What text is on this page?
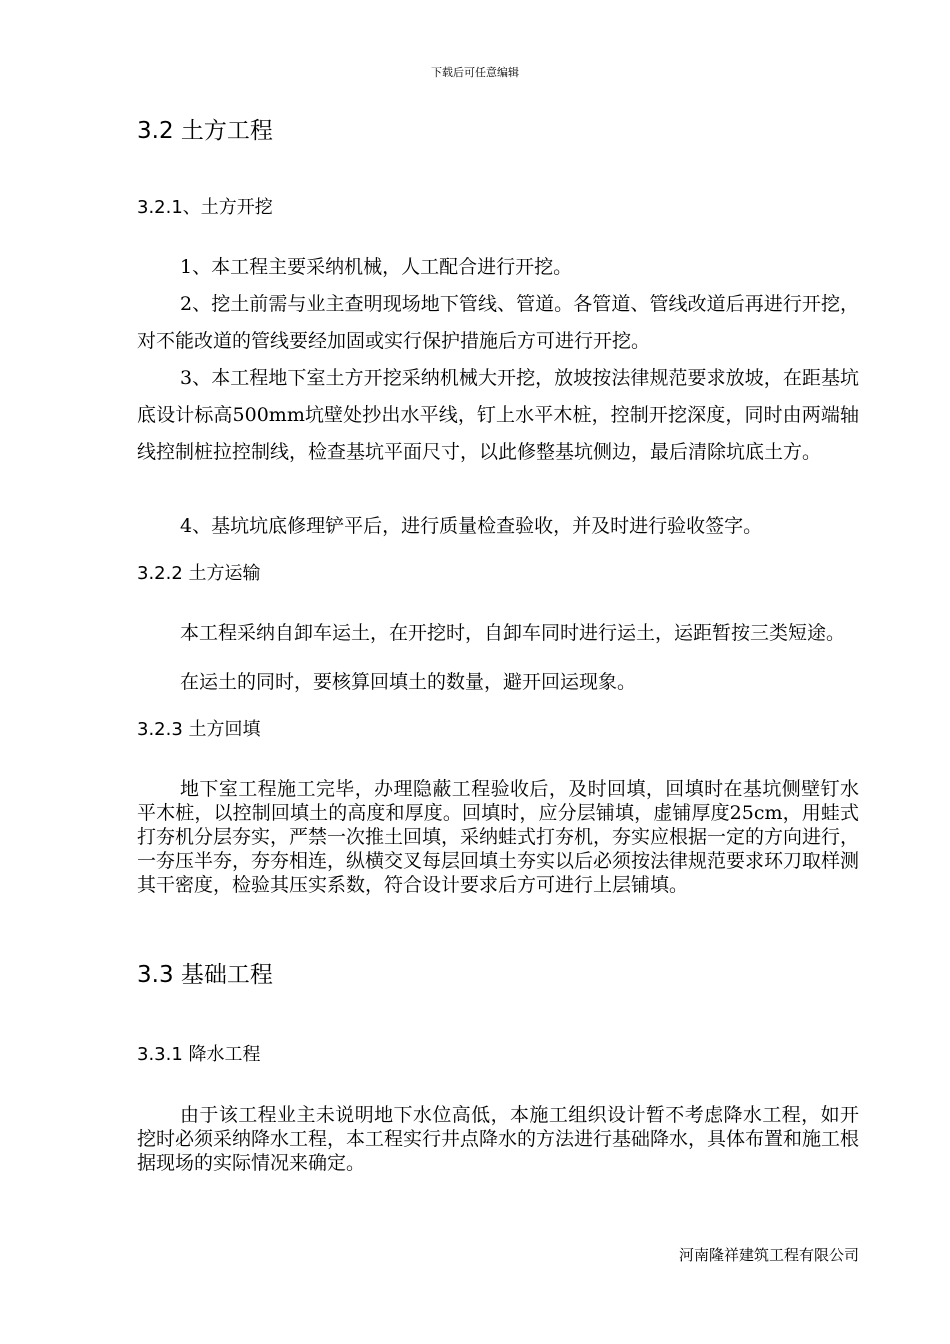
下载后可任意编辑
3.2 土方工程
3.2.1、土方开挖

1、本工程主要采纳机械，人工配合进行开挖。

2、挖土前需与业主查明现场地下管线、管道。各管道、管线改道后再进行开挖，对不能改道的管线要经加固或实行保护措施后方可进行开挖。

3、本工程地下室土方开挖采纳机械大开挖，放坡按法律规范要求放坡，在距基坑底设计标高500mm坑壁处抄出水平线，钉上水平木桩，控制开挖深度，同时由两端轴线控制桩拉控制线，检查基坑平面尺寸，以此修整基坑侧边，最后清除坑底土方。

4、基坑坑底修理铲平后，进行质量检查验收，并及时进行验收签字。

3.2.2 土方运输

本工程采纳自卸车运土，在开挖时，自卸车同时进行运土，运距暂按三类短途。

在运土的同时，要核算回填土的数量，避开回运现象。

3.2.3 土方回填

地下室工程施工完毕，办理隐蔽工程验收后，及时回填，回填时在基坑侧壁钉水平木桩，以控制回填土的高度和厚度。回填时，应分层铺填，虚铺厚度25cm，用蛙式打夯机分层夯实，严禁一次推土回填，采纳蛙式打夯机，夯实应根据一定的方向进行，一夯压半夯，夯夯相连，纵横交叉每层回填土夯实以后必须按法律规范要求环刀取样测其干密度，检验其压实系数，符合设计要求后方可进行上层铺填。

3.3 基础工程
3.3.1 降水工程

由于该工程业主未说明地下水位高低，本施工组织设计暂不考虑降水工程，如开挖时必须采纳降水工程，本工程实行井点降水的方法进行基础降水，具体布置和施工根据现场的实际情况来确定。

河南隆祥建筑工程有限公司
